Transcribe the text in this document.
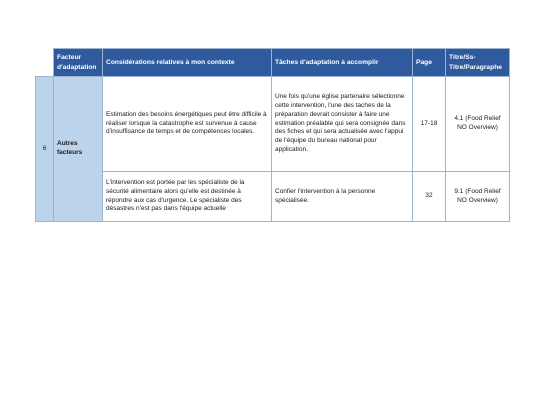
	Facteur d'adaptation	Considérations relatives à mon contexte	Tâches d'adaptation à accomplir	Page	Titre/Ss-Titre/Paragraphe
6	Autres facteurs	Estimation des besoins énergétiques peut être difficile à réaliser lorsque la catastrophe est survenue à cause d'insuffisance de temps et de compétences locales.	Une fois qu'une église partenaire sélectionne cette intervention, l'une des taches de la préparation devrait consister à faire une estimation préalable qui sera consignée dans des fiches et qui sera actualisée avec l'appui de l'équipe du bureau national pour application.	17-18	4.1 (Food Relief NO Overview)
		L'intervention est portée par les spécialiste de la sécurité alimentaire alors qu'elle est destinée à répondre aux cas d'urgence. Le spécialiste des désastres n'est pas dans l'équipe actuelle	Confier l'intervention à la personne spécialisée.	32	9.1 (Food Relief NO Overview)
